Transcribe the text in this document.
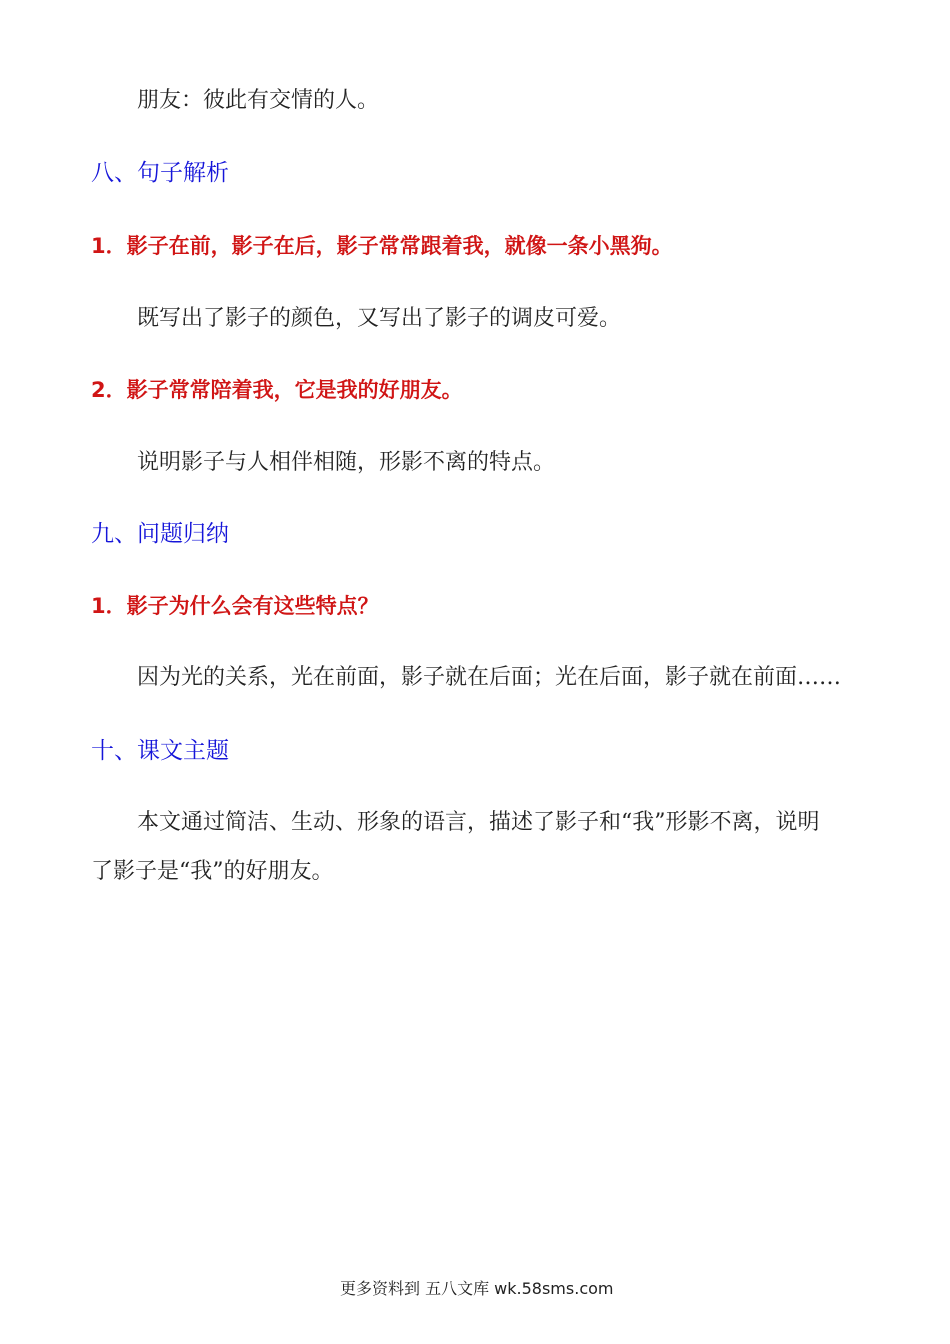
朋友：彼此有交情的人。
八、句子解析
1．影子在前，影子在后，影子常常跟着我，就像一条小黑狗。
既写出了影子的颜色，又写出了影子的调皮可爱。
2．影子常常陪着我，它是我的好朋友。
说明影子与人相伴相随，形影不离的特点。
九、问题归纳
1．影子为什么会有这些特点？
因为光的关系，光在前面，影子就在后面；光在后面，影子就在前面……
十、课文主题
本文通过简洁、生动、形象的语言，描述了影子和“我”形影不离，说明
了影子是“我”的好朋友。
更多资料到 五八文库 wk.58sms.com
